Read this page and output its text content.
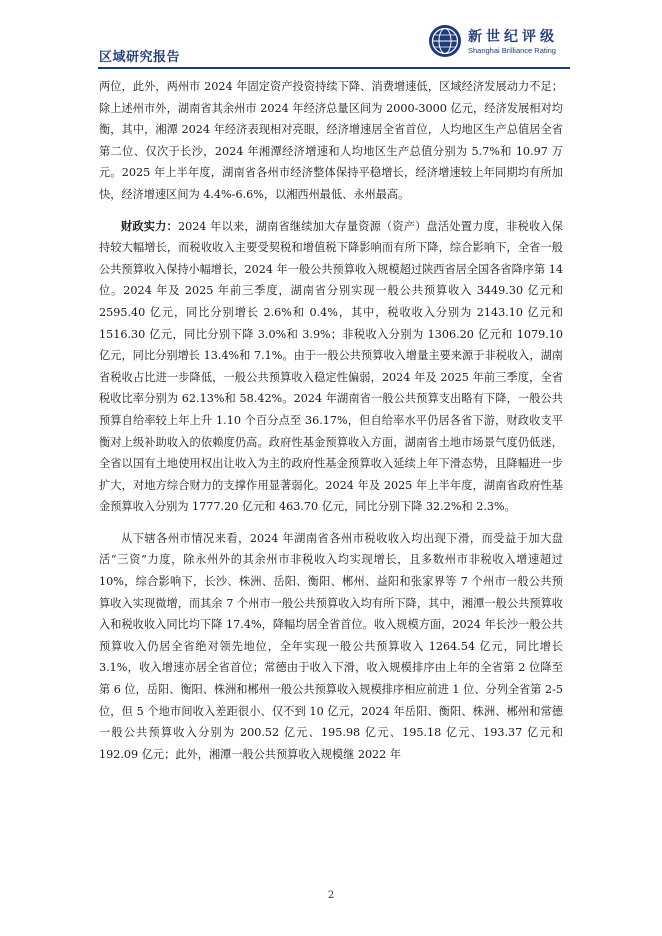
区域研究报告
新世纪评级
Shanghai Brilliance Rating

两位，此外，两州市 2024 年固定资产投资持续下降、消费增速低，区域经济发展动力不足；除上述州市外，湖南省其余州市 2024 年经济总量区间为 2000-3000 亿元，经济发展相对均衡，其中，湘潭 2024 年经济表现相对亮眼，经济增速居全省首位，人均地区生产总值居全省第二位、仅次于长沙，2024 年湘潭经济增速和人均地区生产总值分别为 5.7%和 10.97 万元。2025 年上半年度，湖南省各州市经济整体保持平稳增长，经济增速较上年同期均有所加快，经济增速区间为 4.4%-6.6%，以湘西州最低、永州最高。

财政实力：2024 年以来，湖南省继续加大存量资源（资产）盘活处置力度，非税收入保持较大幅增长，而税收收入主要受契税和增值税下降影响而有所下降，综合影响下，全省一般公共预算收入保持小幅增长，2024 年一般公共预算收入规模超过陕西省居全国各省降序第 14 位。2024 年及 2025 年前三季度，湖南省分别实现一般公共预算收入 3449.30 亿元和 2595.40 亿元，同比分别增长 2.6%和 0.4%，其中，税收收入分别为 2143.10 亿元和 1516.30 亿元，同比分别下降 3.0%和 3.9%；非税收入分别为 1306.20 亿元和 1079.10 亿元，同比分别增长 13.4%和 7.1%。由于一般公共预算收入增量主要来源于非税收入，湖南省税收占比进一步降低，一般公共预算收入稳定性偏弱，2024 年及 2025 年前三季度，全省税收比率分别为 62.13%和 58.42%。2024 年湖南省一般公共预算支出略有下降，一般公共预算自给率较上年上升 1.10 个百分点至 36.17%，但自给率水平仍居各省下游，财政收支平衡对上级补助收入的依赖度仍高。政府性基金预算收入方面，湖南省土地市场景气度仍低迷，全省以国有土地使用权出让收入为主的政府性基金预算收入延续上年下滑态势，且降幅进一步扩大，对地方综合财力的支撑作用显著弱化。2024 年及 2025 年上半年度，湖南省政府性基金预算收入分别为 1777.20 亿元和 463.70 亿元，同比分别下降 32.2%和 2.3%。

从下辖各州市情况来看，2024 年湖南省各州市税收收入均出现下滑，而受益于加大盘活“三资”力度，除永州外的其余州市非税收入均实现增长，且多数州市非税收入增速超过 10%，综合影响下，长沙、株洲、岳阳、衡阳、郴州、益阳和张家界等 7 个州市一般公共预算收入实现微增，而其余 7 个州市一般公共预算收入均有所下降，其中，湘潭一般公共预算收入和税收收入同比均下降 17.4%，降幅均居全省首位。收入规模方面，2024 年长沙一般公共预算收入仍居全省绝对领先地位，全年实现一般公共预算收入 1264.54 亿元，同比增长 3.1%，收入增速亦居全省首位；常德由于收入下滑，收入规模排序由上年的全省第 2 位降至第 6 位，岳阳、衡阳、株洲和郴州一般公共预算收入规模排序相应前进 1 位、分列全省第 2-5 位，但 5 个地市间收入差距很小、仅不到 10 亿元，2024 年岳阳、衡阳、株洲、郴州和常德一般公共预算收入分别为 200.52 亿元、195.98 亿元、195.18 亿元、193.37 亿元和 192.09 亿元；此外，湘潭一般公共预算收入规模继 2022 年

2
